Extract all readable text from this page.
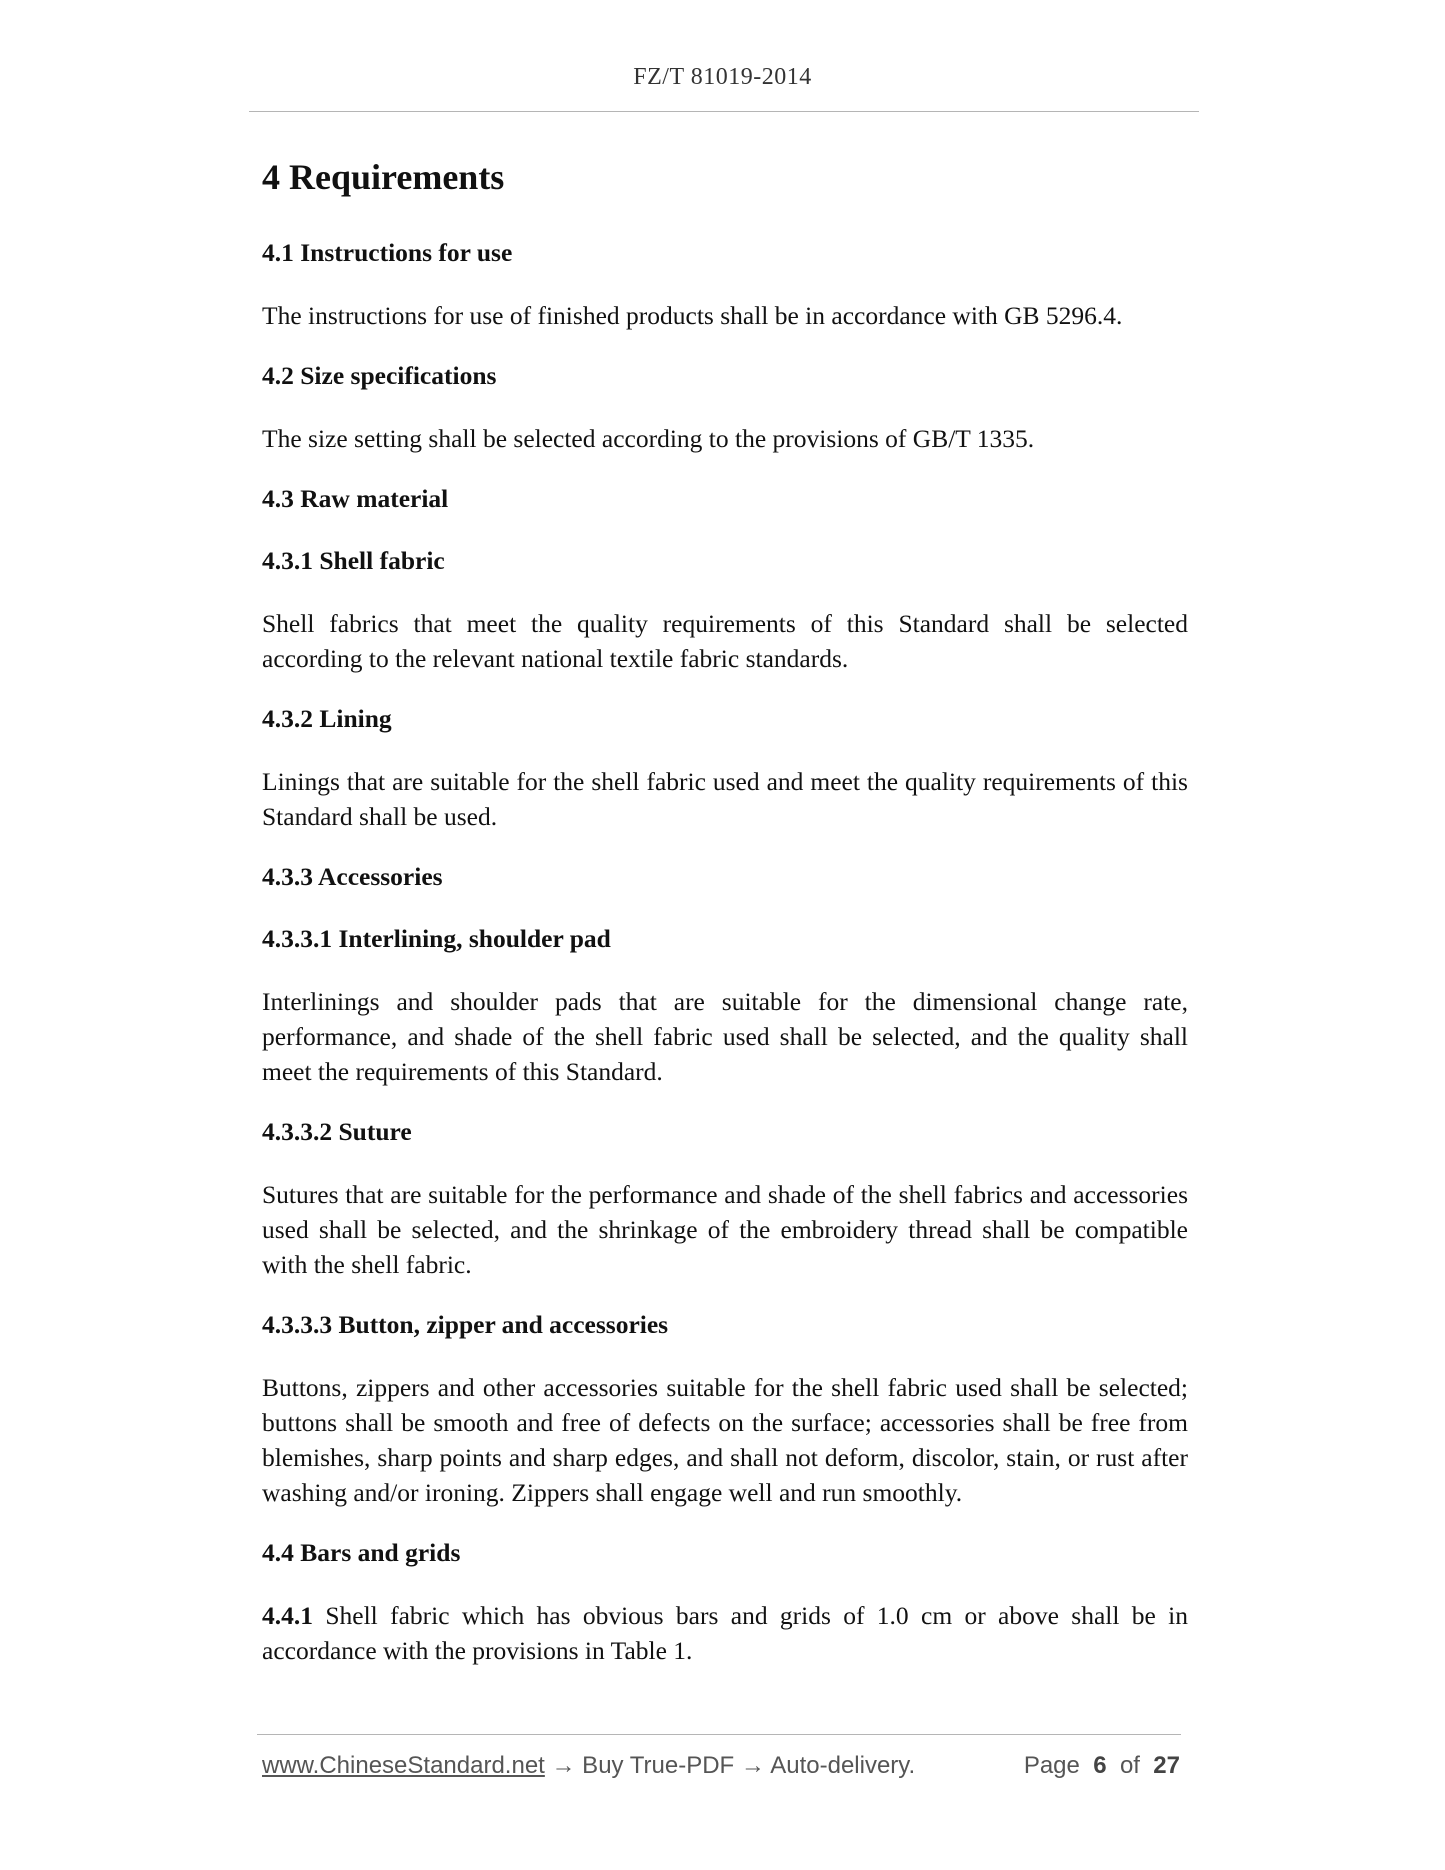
FZ/T 81019-2014
4 Requirements
4.1 Instructions for use

The instructions for use of finished products shall be in accordance with GB 5296.4.

4.2 Size specifications

The size setting shall be selected according to the provisions of GB/T 1335.

4.3 Raw material
4.3.1 Shell fabric

Shell fabrics that meet the quality requirements of this Standard shall be selected according to the relevant national textile fabric standards.

4.3.2 Lining

Linings that are suitable for the shell fabric used and meet the quality requirements of this Standard shall be used.

4.3.3 Accessories
4.3.3.1 Interlining, shoulder pad

Interlinings and shoulder pads that are suitable for the dimensional change rate, performance, and shade of the shell fabric used shall be selected, and the quality shall meet the requirements of this Standard.

4.3.3.2 Suture

Sutures that are suitable for the performance and shade of the shell fabrics and accessories used shall be selected, and the shrinkage of the embroidery thread shall be compatible with the shell fabric.

4.3.3.3 Button, zipper and accessories

Buttons, zippers and other accessories suitable for the shell fabric used shall be selected; buttons shall be smooth and free of defects on the surface; accessories shall be free from blemishes, sharp points and sharp edges, and shall not deform, discolor, stain, or rust after washing and/or ironing. Zippers shall engage well and run smoothly.

4.4 Bars and grids

4.4.1 Shell fabric which has obvious bars and grids of 1.0 cm or above shall be in accordance with the provisions in Table 1.

www.ChineseStandard.net → Buy True-PDF → Auto-delivery.	Page 6 of 27
